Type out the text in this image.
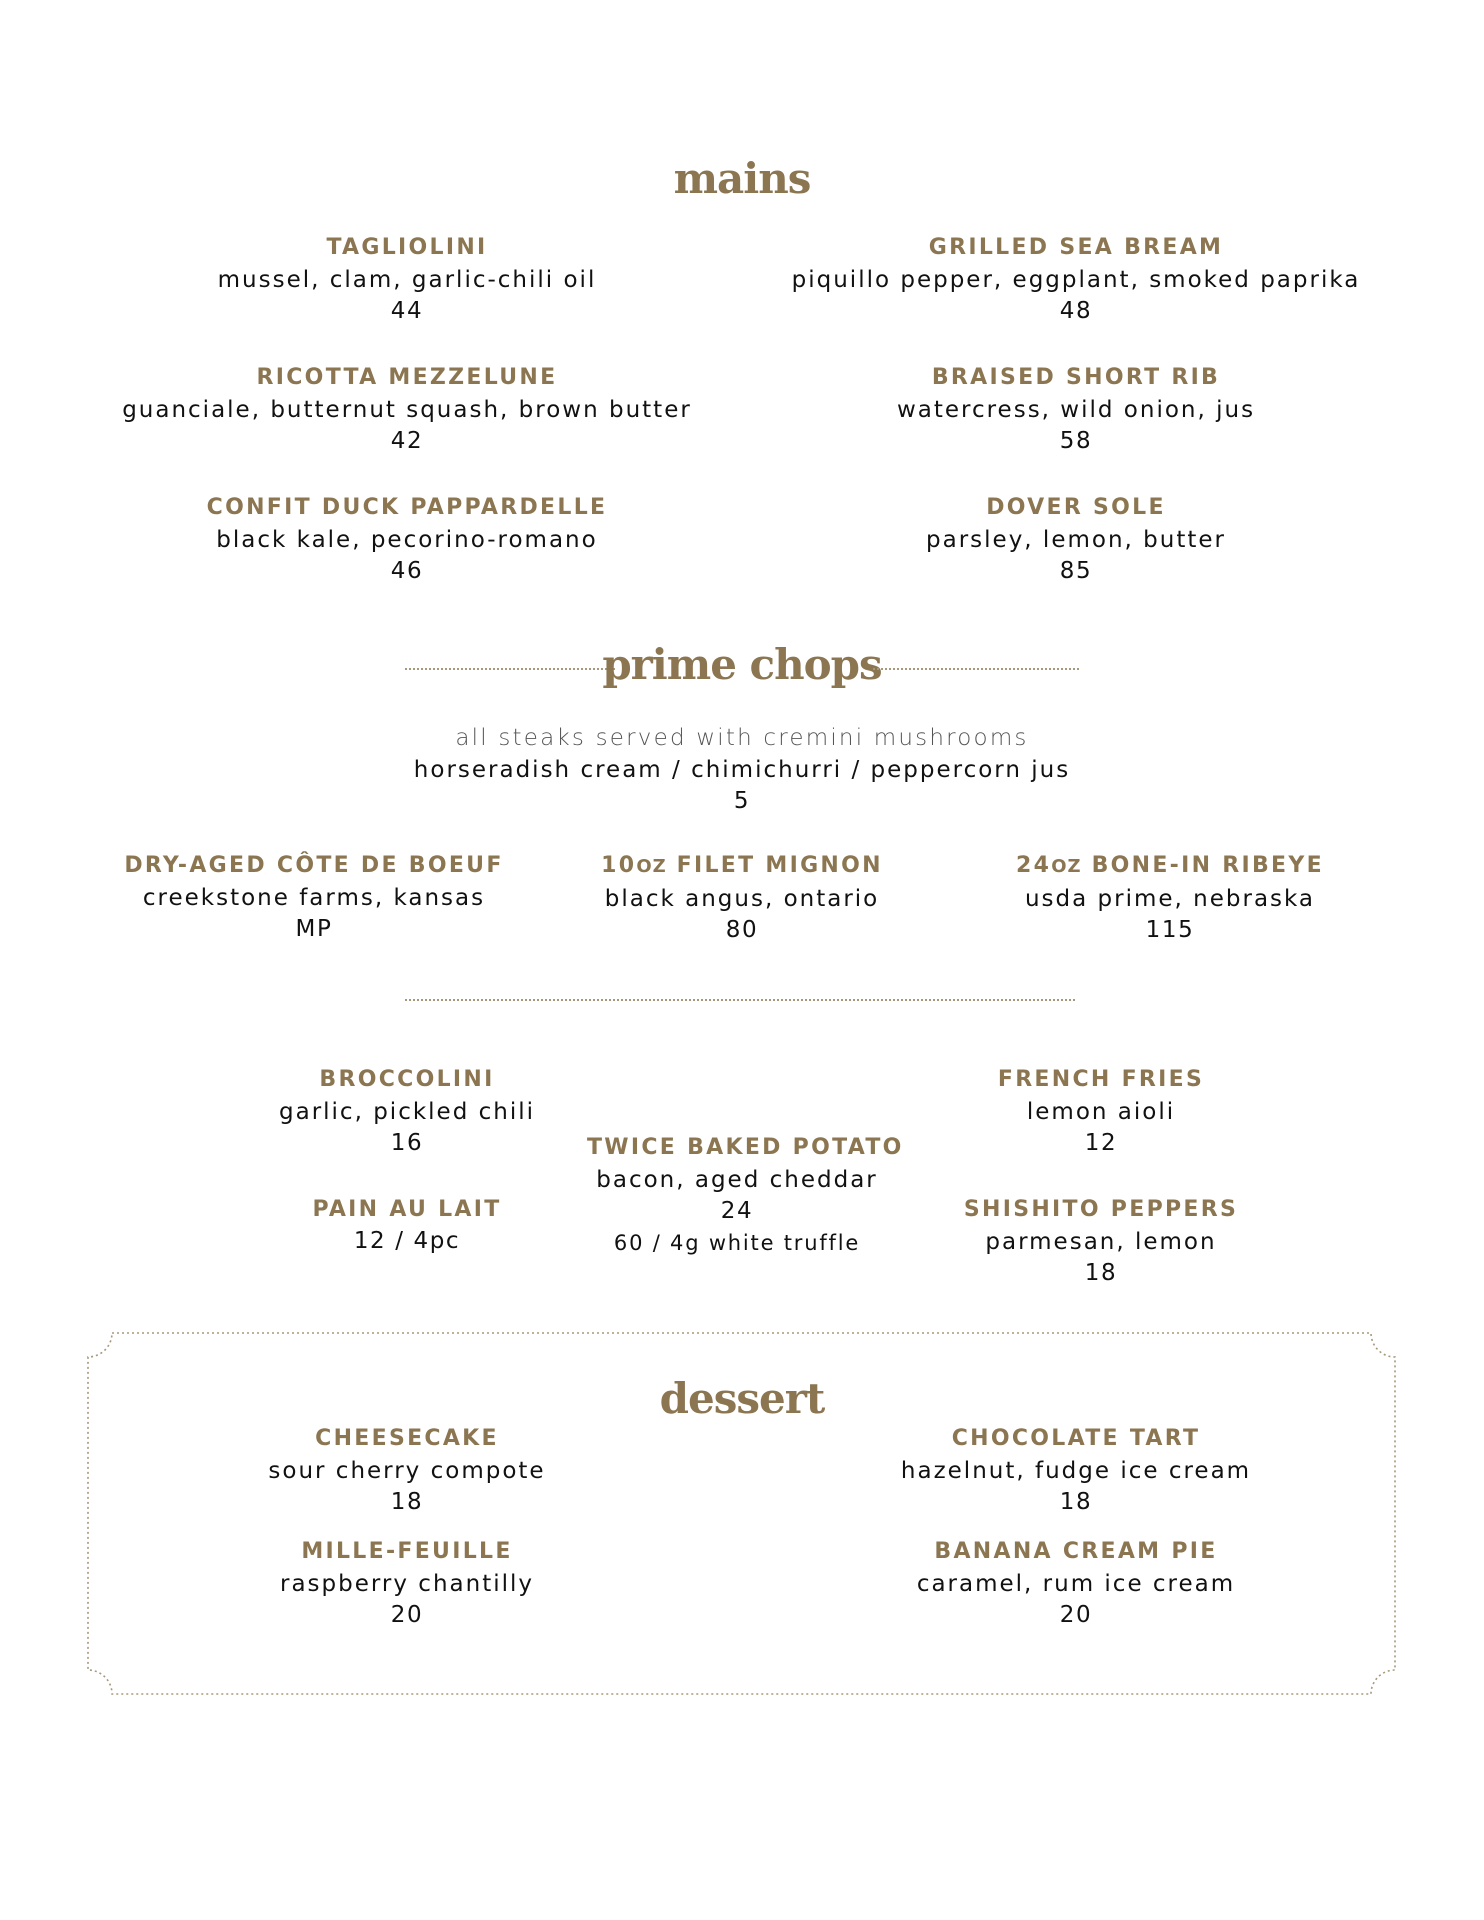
mains
TAGLIOLINI
mussel, clam, garlic-chili oil
44
GRILLED SEA BREAM
piquillo pepper, eggplant, smoked paprika
48
RICOTTA MEZZELUNE
guanciale, butternut squash, brown butter
42
BRAISED SHORT RIB
watercress, wild onion, jus
58
CONFIT DUCK PAPPARDELLE
black kale, pecorino-romano
46
DOVER SOLE
parsley, lemon, butter
85
prime chops
all steaks served with cremini mushrooms
horseradish cream / chimichurri / peppercorn jus
5
DRY-AGED CÔTE DE BOEUF
creekstone farms, kansas
MP
10OZ FILET MIGNON
black angus, ontario
80
24OZ BONE-IN RIBEYE
usda prime, nebraska
115
BROCCOLINI
garlic, pickled chili
16
FRENCH FRIES
lemon aioli
12
TWICE BAKED POTATO
bacon, aged cheddar
24
60 / 4g white truffle
PAIN AU LAIT
12 / 4pc
SHISHITO PEPPERS
parmesan, lemon
18
dessert
CHEESECAKE
sour cherry compote
18
CHOCOLATE TART
hazelnut, fudge ice cream
18
MILLE-FEUILLE
raspberry chantilly
20
BANANA CREAM PIE
caramel, rum ice cream
20
